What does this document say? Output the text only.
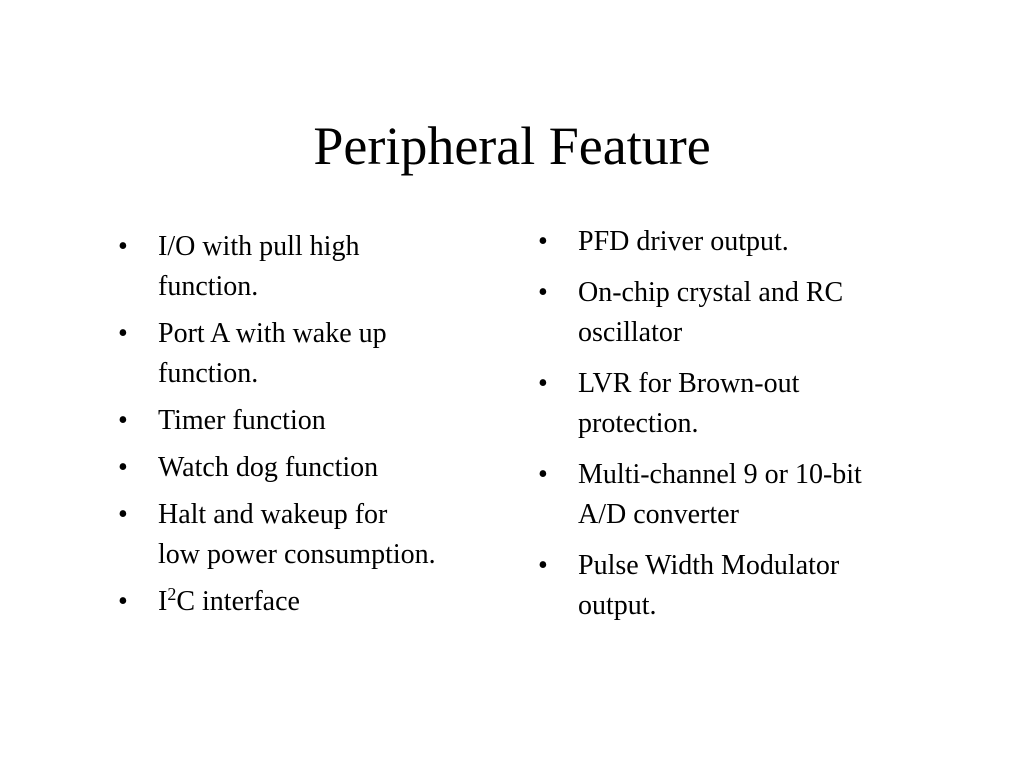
Peripheral Feature
• I/O with pull high
function.
• Port A with wake up
function.
• Timer function
• Watch dog function
• Halt and wakeup for
low power consumption.
• $I^2C$ interface
• PFD driver output.
• On-chip crystal and RC
oscillator
• LVR for Brown-out
protection.
• Multi-channel 9 or 10-bit
A/D converter
• Pulse Width Modulator
output.
